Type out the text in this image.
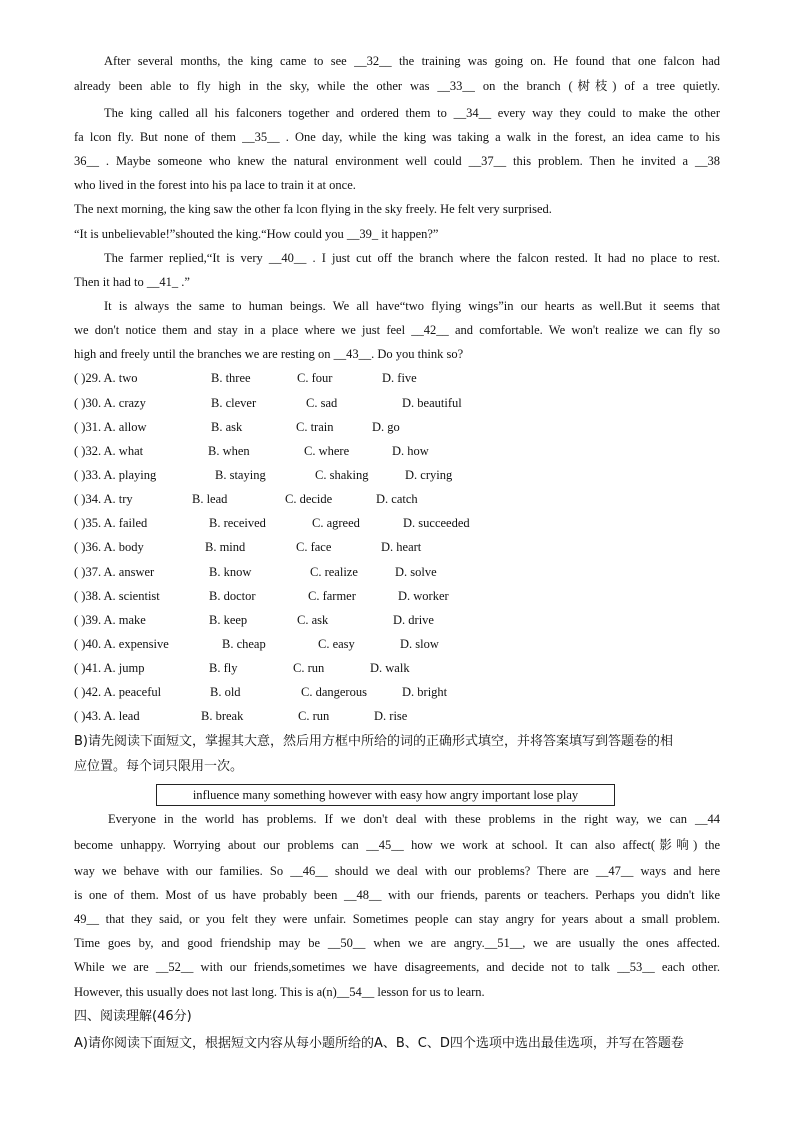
After several months, the king came to see __32__ the training was going on. He found that one falcon had
already been able to fly high in the sky, while the other was __33__ on the branch (树枝) of a tree quietly.
The king called all his falconers together and ordered them to __34__ every way they could to make the other
fa lcon fly. But none of them __35__ . One day, while the king was taking a walk in the forest, an idea came to his
36__ . Maybe someone who knew the natural environment well could __37__ this problem. Then he invited a __38
who lived in the forest into his pa lace to train it at once.
The next morning, the king saw the other fa lcon flying in the sky freely. He felt very surprised.
“It is unbelievable!”shouted the king.“How could you __39_ it happen?”
The farmer replied,“It is very __40__ . I just cut off the branch where the falcon rested. It had no place to rest.
Then it had to __41_ .”
It is always the same to human beings. We all have“two flying wings”in our hearts as well.But it seems that
we don't notice them and stay in a place where we just feel __42__ and comfortable. We won't realize we can fly so
high and freely until the branches we are resting on __43__. Do you think so?
( )29. A. two	B. three	C. four	D. five
( )30. A. crazy	B. clever	C. sad	D. beautiful
( )31. A. allow	B. ask	C. train	D. go
( )32. A. what	B. when	C. where	D. how
( )33. A. playing	B. staying	C. shaking	D. crying
( )34. A. try	B. lead	C. decide	D. catch
( )35. A. failed	B. received	C. agreed	D. succeeded
( )36. A. body	B. mind	C. face	D. heart
( )37. A. answer	B. know	C. realize	D. solve
( )38. A. scientist	B. doctor	C. farmer	D. worker
( )39. A. make	B. keep	C. ask	D. drive
( )40. A. expensive	B. cheap	C. easy	D. slow
( )41. A. jump	B. fly	C. run	D. walk
( )42. A. peaceful	B. old	C. dangerous	D. bright
( )43. A. lead	B. break	C. run	D. rise
B)请先阅读下面短文，掌握其大意，然后用方框中所给的词的正确形式填空，并将答案填写到答题卷的相
应位置。每个词只限用一次。
influence many something however with easy how angry important lose play
Everyone in the world has problems. If we don't deal with these problems in the right way, we can __44
become unhappy. Worrying about our problems can __45__ how we work at school. It can also affect(影响) the
way we behave with our families. So __46__ should we deal with our problems? There are __47__ ways and here
is one of them. Most of us have probably been __48__ with our friends, parents or teachers. Perhaps you didn't like
49__ that they said, or you felt they were unfair. Sometimes people can stay angry for years about a small problem.
Time goes by, and good friendship may be __50__ when we are angry.__51__, we are usually the ones affected.
While we are __52__ with our friends,sometimes we have disagreements, and decide not to talk __53__ each other.
However, this usually does not last long. This is a(n)__54__ lesson for us to learn.
四、阅读理解(46分)
A)请你阅读下面短文，根据短文内容从每小题所给的A、B、C、D四个选项中选出最佳选项，并写在答题卷
